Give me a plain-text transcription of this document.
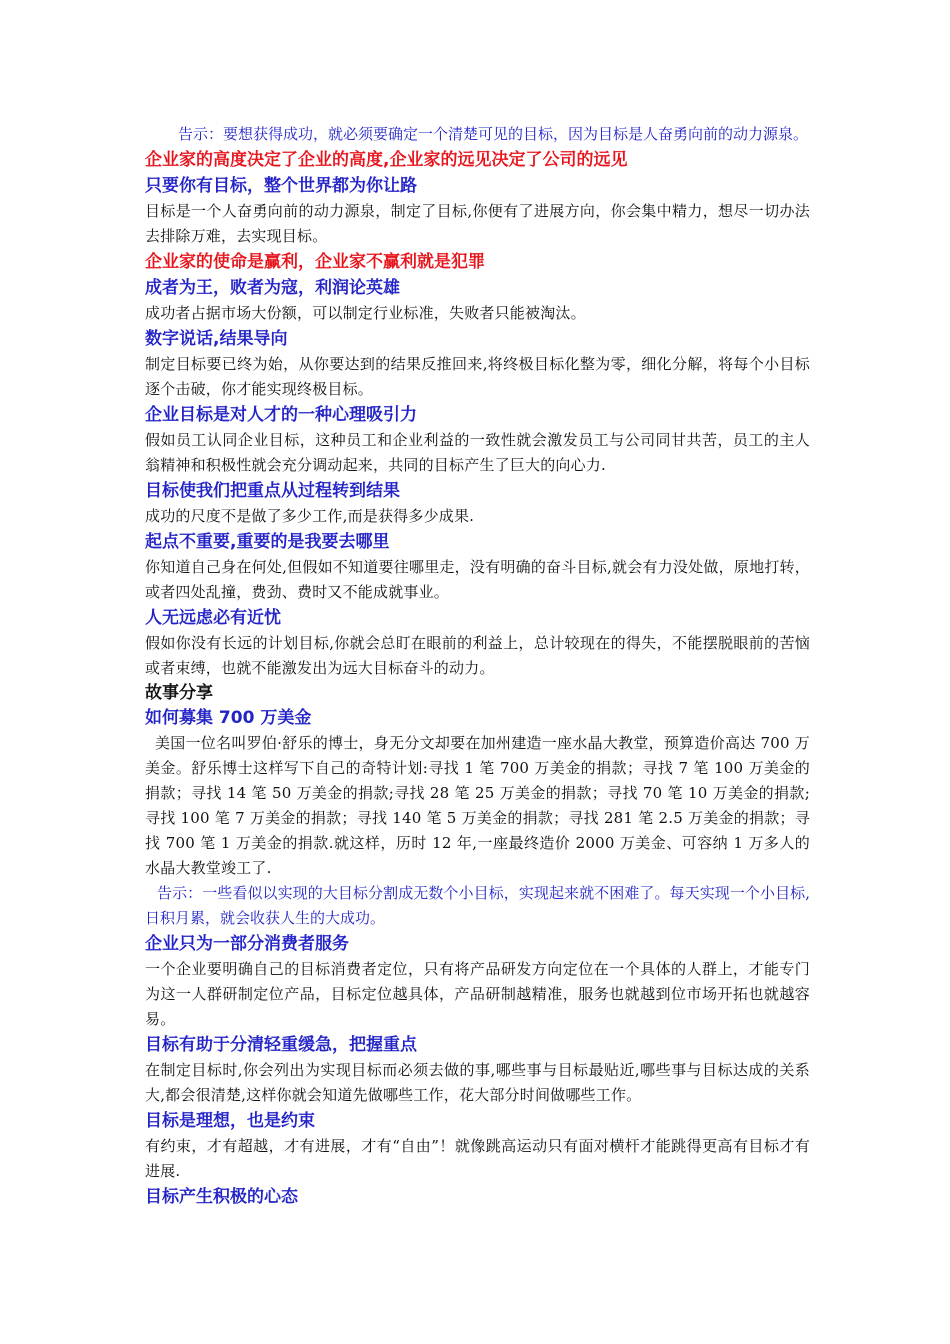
告示：要想获得成功，就必须要确定一个清楚可见的目标，因为目标是人奋勇向前的动力源泉。

企业家的高度决定了企业的高度,企业家的远见决定了公司的远见

只要你有目标，整个世界都为你让路

目标是一个人奋勇向前的动力源泉，制定了目标,你便有了进展方向，你会集中精力，想尽一切办法去排除万难，去实现目标。

企业家的使命是赢利，企业家不赢利就是犯罪

成者为王，败者为寇，利润论英雄

成功者占据市场大份额，可以制定行业标准，失败者只能被淘汰。

数字说话,结果导向

制定目标要已终为始，从你要达到的结果反推回来,将终极目标化整为零，细化分解，将每个小目标逐个击破，你才能实现终极目标。

企业目标是对人才的一种心理吸引力

假如员工认同企业目标，这种员工和企业利益的一致性就会激发员工与公司同甘共苦，员工的主人翁精神和积极性就会充分调动起来，共同的目标产生了巨大的向心力.

目标使我们把重点从过程转到结果

成功的尺度不是做了多少工作,而是获得多少成果.

起点不重要,重要的是我要去哪里

你知道自己身在何处,但假如不知道要往哪里走，没有明确的奋斗目标,就会有力没处做，原地打转，或者四处乱撞，费劲、费时又不能成就事业。

人无远虑必有近忧

假如你没有长远的计划目标,你就会总盯在眼前的利益上，总计较现在的得失，不能摆脱眼前的苦恼或者束缚，也就不能激发出为远大目标奋斗的动力。

故事分享

如何募集 700 万美金

美国一位名叫罗伯·舒乐的博士，身无分文却要在加州建造一座水晶大教堂，预算造价高达 700 万美金。舒乐博士这样写下自己的奇特计划:寻找 1 笔 700 万美金的捐款；寻找 7 笔 100 万美金的捐款；寻找 14 笔 50 万美金的捐款;寻找 28 笔 25 万美金的捐款；寻找 70 笔 10 万美金的捐款;寻找 100 笔 7 万美金的捐款；寻找 140 笔 5 万美金的捐款；寻找 281 笔 2.5 万美金的捐款；寻找 700 笔 1 万美金的捐款.就这样，历时 12 年,一座最终造价 2000 万美金、可容纳 1 万多人的水晶大教堂竣工了.

告示：一些看似以实现的大目标分割成无数个小目标，实现起来就不困难了。每天实现一个小目标,日积月累，就会收获人生的大成功。

企业只为一部分消费者服务

一个企业要明确自己的目标消费者定位，只有将产品研发方向定位在一个具体的人群上，才能专门为这一人群研制定位产品，目标定位越具体，产品研制越精准，服务也就越到位市场开拓也就越容易。

目标有助于分清轻重缓急，把握重点

在制定目标时,你会列出为实现目标而必须去做的事,哪些事与目标最贴近,哪些事与目标达成的关系大,都会很清楚,这样你就会知道先做哪些工作，花大部分时间做哪些工作。

目标是理想，也是约束

有约束，才有超越，才有进展，才有“自由”！就像跳高运动只有面对横杆才能跳得更高有目标才有进展.

目标产生积极的心态
